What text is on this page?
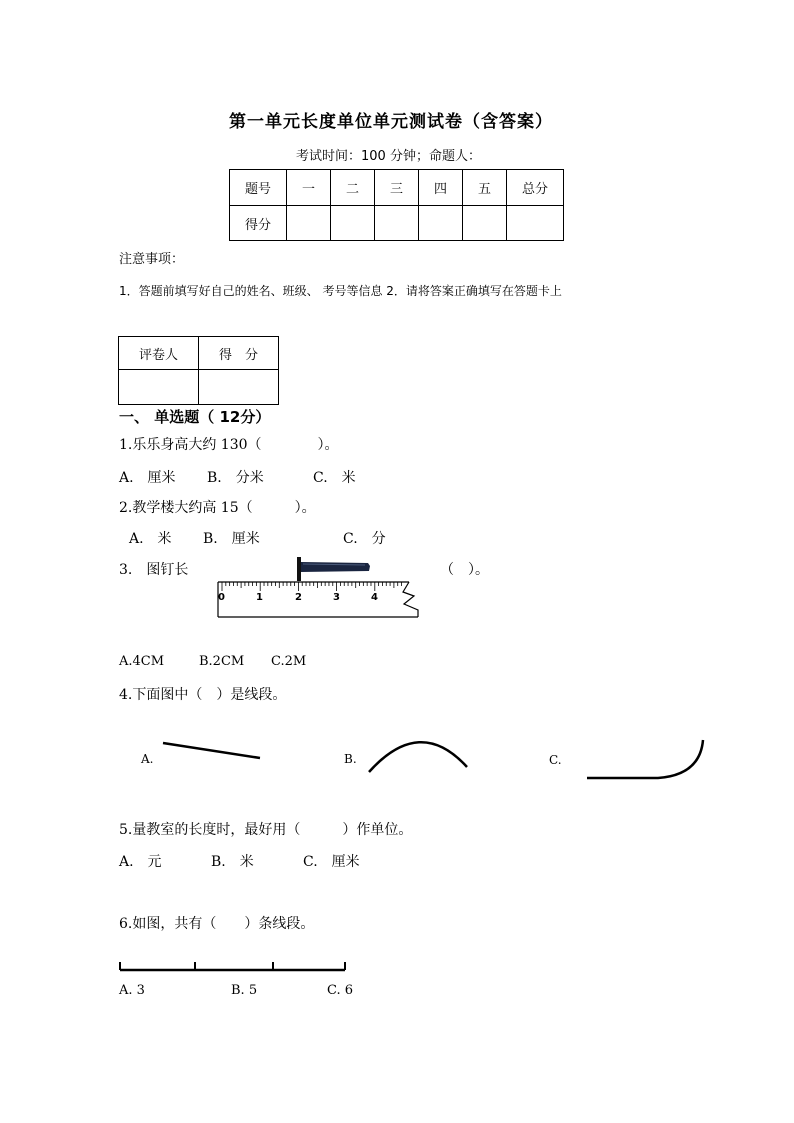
第一单元长度单位单元测试卷（含答案）
考试时间：100 分钟；命题人：
题号	一	二	三	四	五	总分
得分						
注意事项：
1．答题前填写好自己的姓名、班级、 考号等信息 2．请将答案正确填写在答题卡上
评卷人	得　分

一、 单选题（ 12分）
1.乐乐身高大约 130（　　　　）。
A.　厘米 B.　分米	C.　米
2.教学楼大约高 15（　　　）。
A.　米 B.　厘米	C.　分
3.　图钉长	（　）。
0	1	2	3	4
A.4CM	B.2CM C.2M
4.下面图中（　）是线段。
A.	B.	C.
5.量教室的长度时，最好用（　　　）作单位。
A.　元	B.　米	C.　厘米
6.如图，共有（　　）条线段。
A. 3	B. 5	C. 6
